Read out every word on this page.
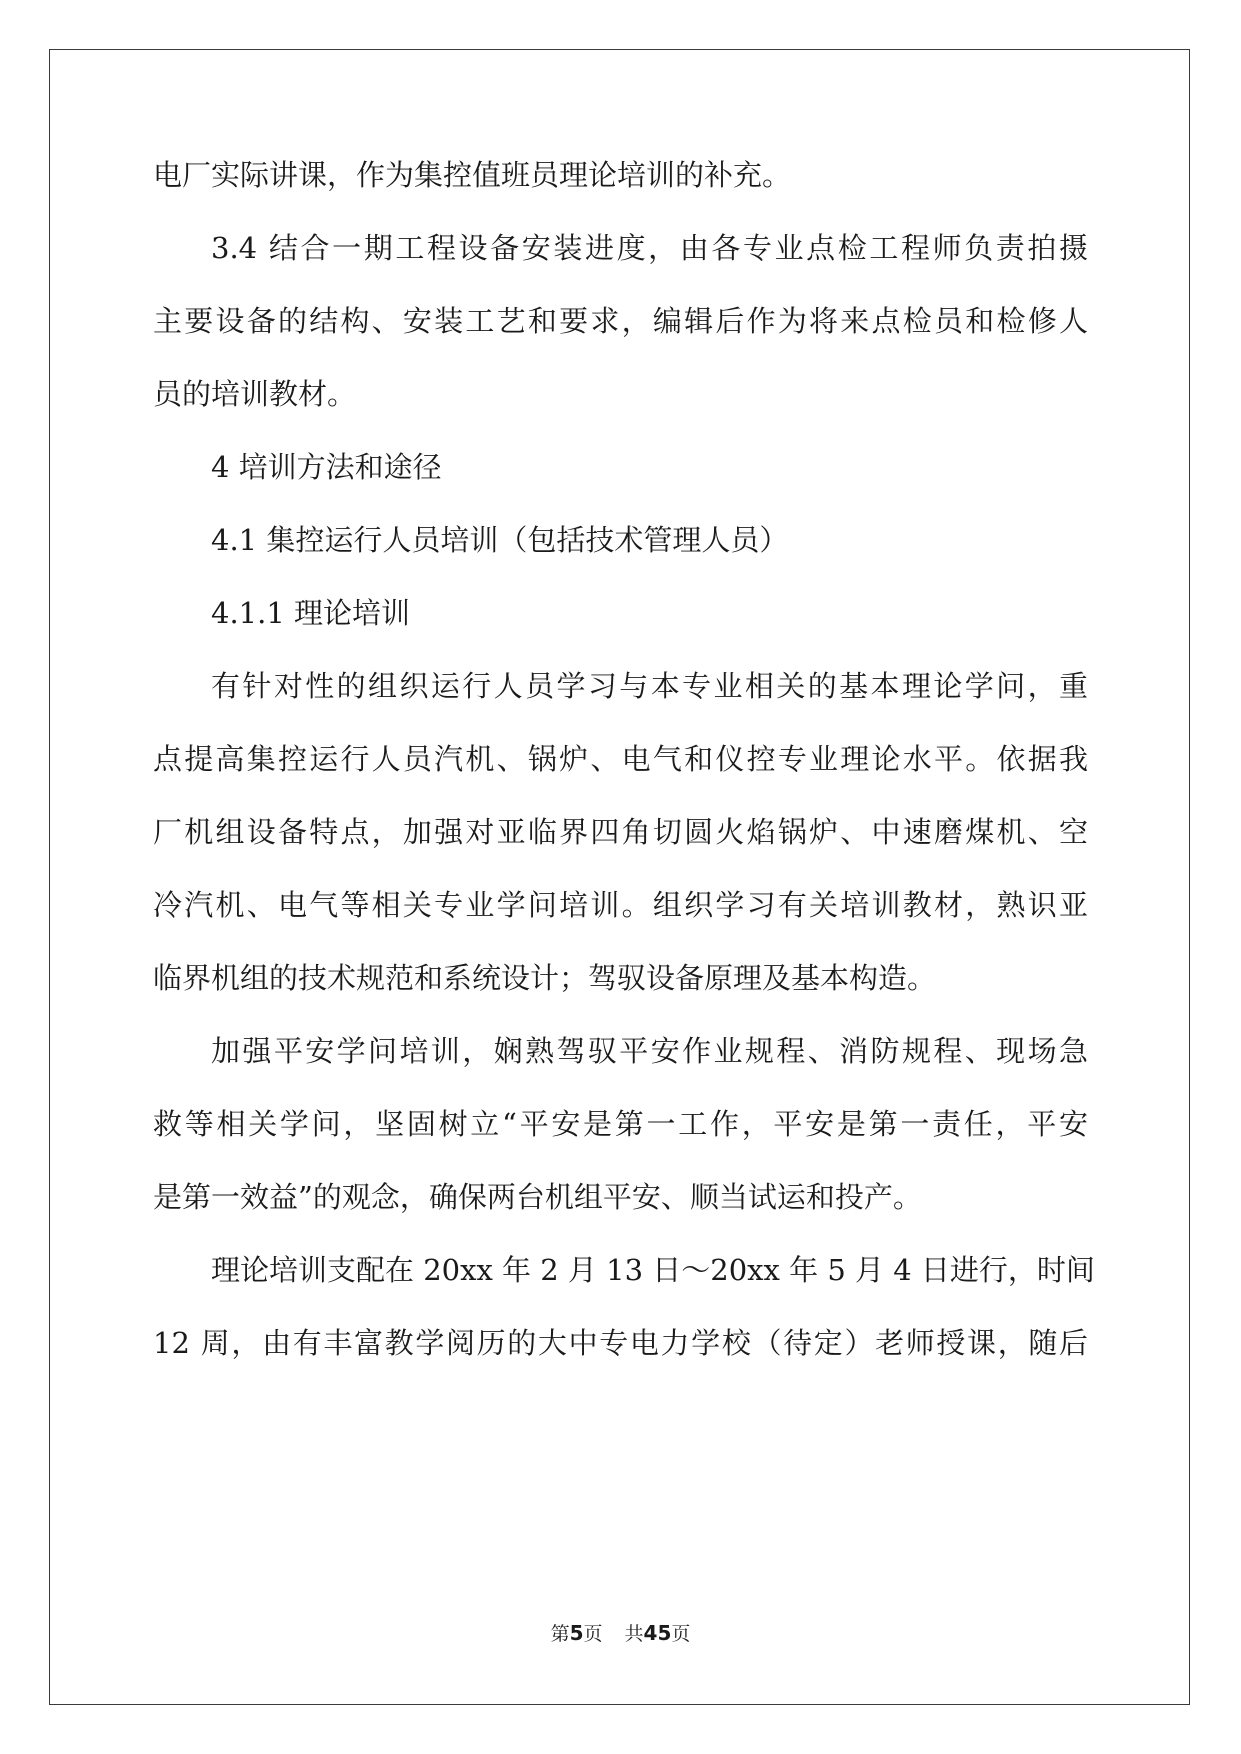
电厂实际讲课，作为集控值班员理论培训的补充。
3.4 结合一期工程设备安装进度，由各专业点检工程师负责拍摄
主要设备的结构、安装工艺和要求，编辑后作为将来点检员和检修人
员的培训教材。
4 培训方法和途径
4.1 集控运行人员培训（包括技术管理人员）
4.1.1 理论培训
有针对性的组织运行人员学习与本专业相关的基本理论学问，重
点提高集控运行人员汽机、锅炉、电气和仪控专业理论水平。依据我
厂机组设备特点，加强对亚临界四角切圆火焰锅炉、中速磨煤机、空
冷汽机、电气等相关专业学问培训。组织学习有关培训教材，熟识亚
临界机组的技术规范和系统设计；驾驭设备原理及基本构造。
加强平安学问培训，娴熟驾驭平安作业规程、消防规程、现场急
救等相关学问，坚固树立“平安是第一工作，平安是第一责任，平安
是第一效益”的观念，确保两台机组平安、顺当试运和投产。
理论培训支配在 20xx 年 2 月 13 日～20xx 年 5 月 4 日进行，时间
12 周，由有丰富教学阅历的大中专电力学校（待定）老师授课，随后
第5页 共45页
